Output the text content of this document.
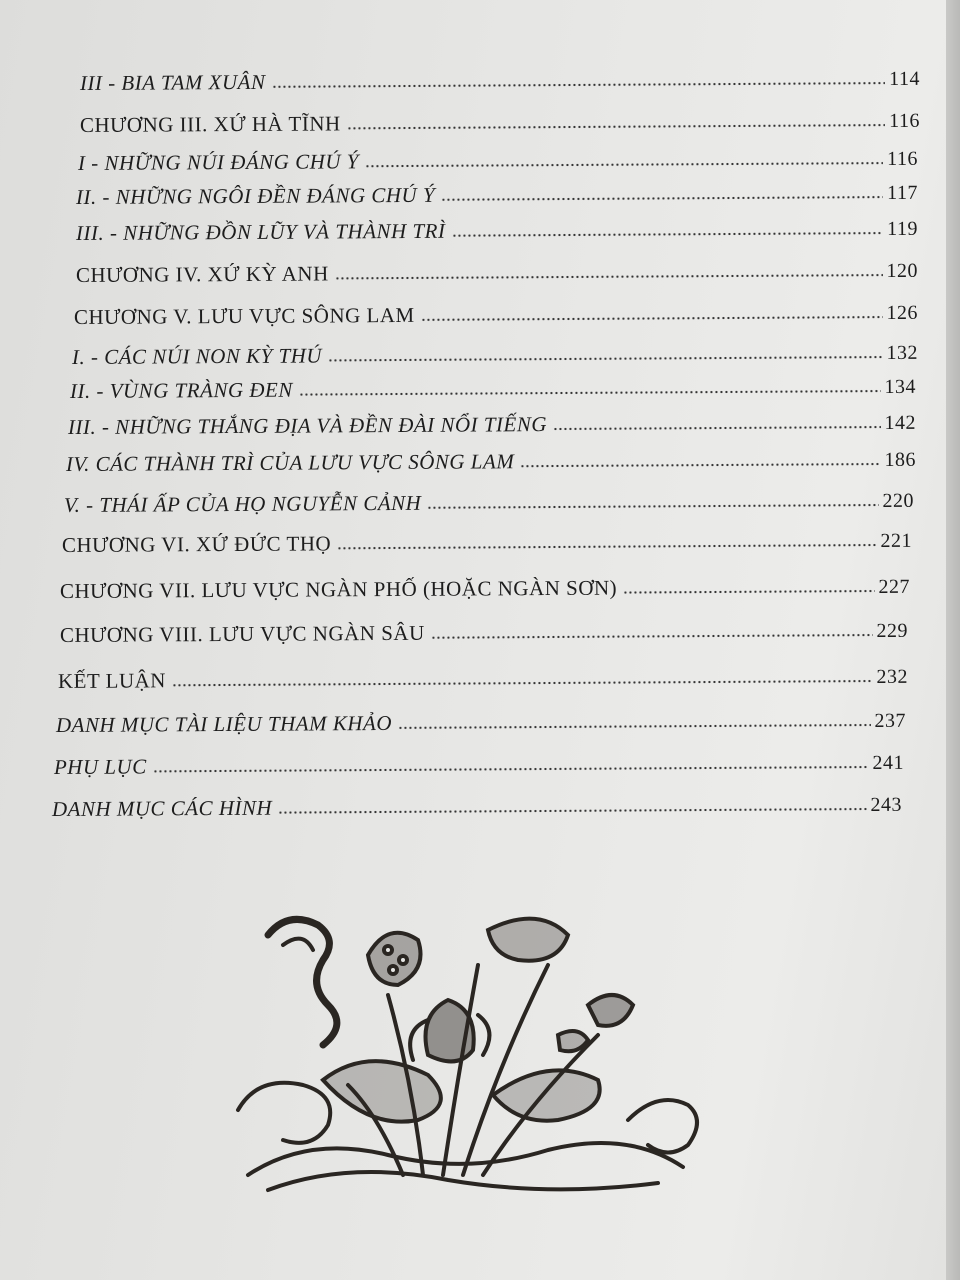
III - BIA TAM XUÂN	114
CHƯƠNG III. XỨ HÀ TĨNH	116
I - NHỮNG NÚI ĐÁNG CHÚ Ý	116
II. - NHỮNG NGÔI ĐỀN ĐÁNG CHÚ Ý	117
III. - NHỮNG ĐỒN LŨY VÀ THÀNH TRÌ	119
CHƯƠNG IV. XỨ KỲ ANH	120
CHƯƠNG V. LƯU VỰC SÔNG LAM	126
I. - CÁC NÚI NON KỲ THÚ	132
II. - VÙNG TRÀNG ĐEN	134
III. - NHỮNG THẮNG ĐỊA VÀ ĐỀN ĐÀI NỔI TIẾNG	142
IV. CÁC THÀNH TRÌ CỦA LƯU VỰC SÔNG LAM	186
V. - THÁI ẤP CỦA HỌ NGUYỄN CẢNH	220
CHƯƠNG VI. XỨ ĐỨC THỌ	221
CHƯƠNG VII. LƯU VỰC NGÀN PHỐ (HOẶC NGÀN SƠN)	227
CHƯƠNG VIII. LƯU VỰC NGÀN SÂU	229
KẾT LUẬN	232
DANH MỤC TÀI LIỆU THAM KHẢO	237
PHỤ LỤC	241
DANH MỤC CÁC HÌNH	243
